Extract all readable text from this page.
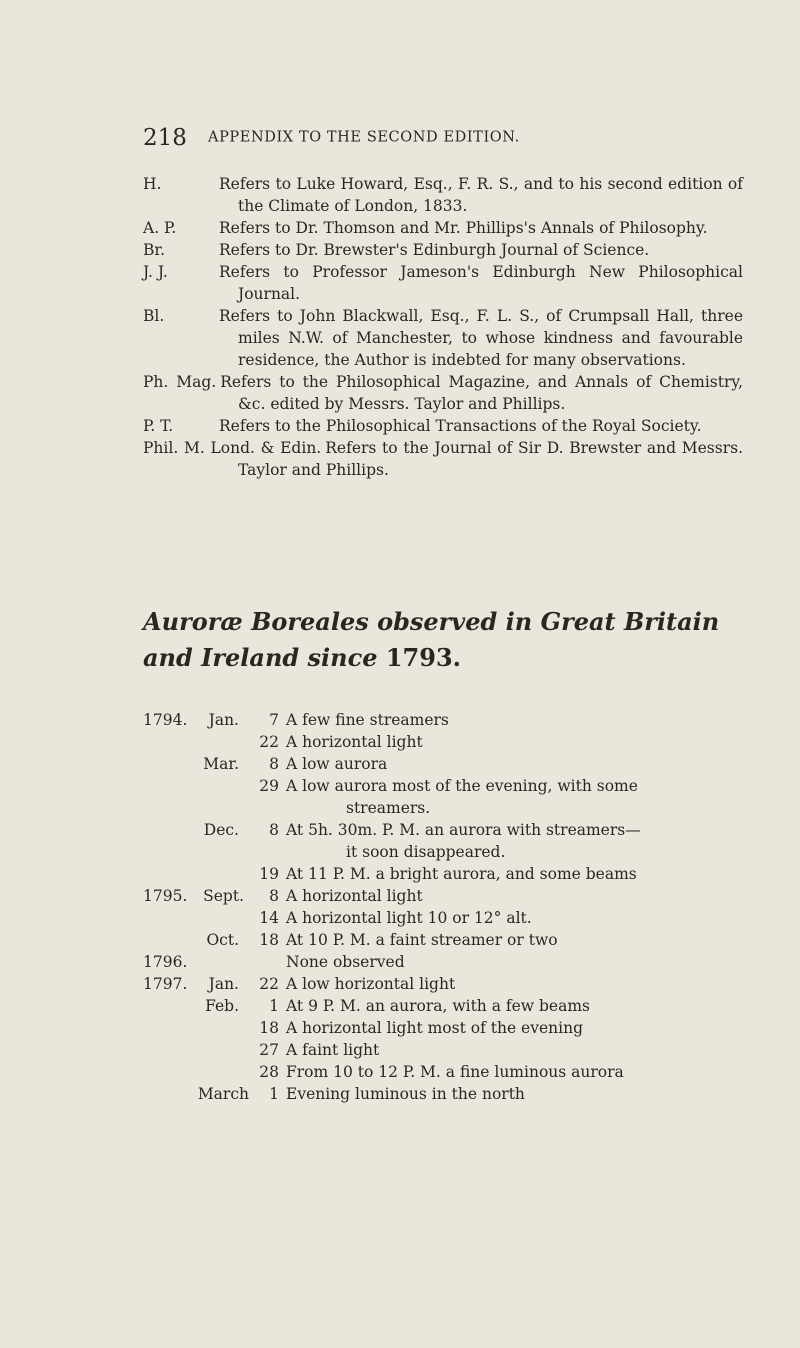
218 APPENDIX TO THE SECOND EDITION.

H.	Refers to Luke Howard, Esq., F. R. S., and to his second edition of the Climate of London, 1833.

A. P.	Refers to Dr. Thomson and Mr. Phillips's Annals of Philosophy.

Br.	Refers to Dr. Brewster's Edinburgh Journal of Science.

J. J.	Refers to Professor Jameson's Edinburgh New Philosophical Journal.

Bl.	Refers to John Blackwall, Esq., F. L. S., of Crumpsall Hall, three miles N.W. of Manchester, to whose kindness and favourable residence, the Author is indebted for many observations.

Ph. Mag. Refers to the Philosophical Magazine, and Annals of Chemistry, &c. edited by Messrs. Taylor and Phillips.

P. T.	Refers to the Philosophical Transactions of the Royal Society.

Phil. M. Lond. & Edin. Refers to the Journal of Sir D. Brewster and Messrs. Taylor and Phillips.

Auroræ Boreales observed in Great Britain and Ireland since 1793.
1794.	Jan.	7 A few fine streamers
22 A horizontal light
Mar.	8 A low aurora
29 A low aurora most of the evening, with some
streamers.
Dec.	8 At 5h. 30m. P. M. an aurora with streamers—
it soon disappeared.
19 At 11 P. M. a bright aurora, and some beams
1795.	Sept.	8 A horizontal light
14 A horizontal light 10 or 12° alt.
Oct. 18 At 10 P. M. a faint streamer or two
1796.	None observed
1797.	Jan. 22 A low horizontal light
Feb.	1 At 9 P. M. an aurora, with a few beams
18 A horizontal light most of the evening
27 A faint light
28 From 10 to 12 P. M. a fine luminous aurora
March	1 Evening luminous in the north
